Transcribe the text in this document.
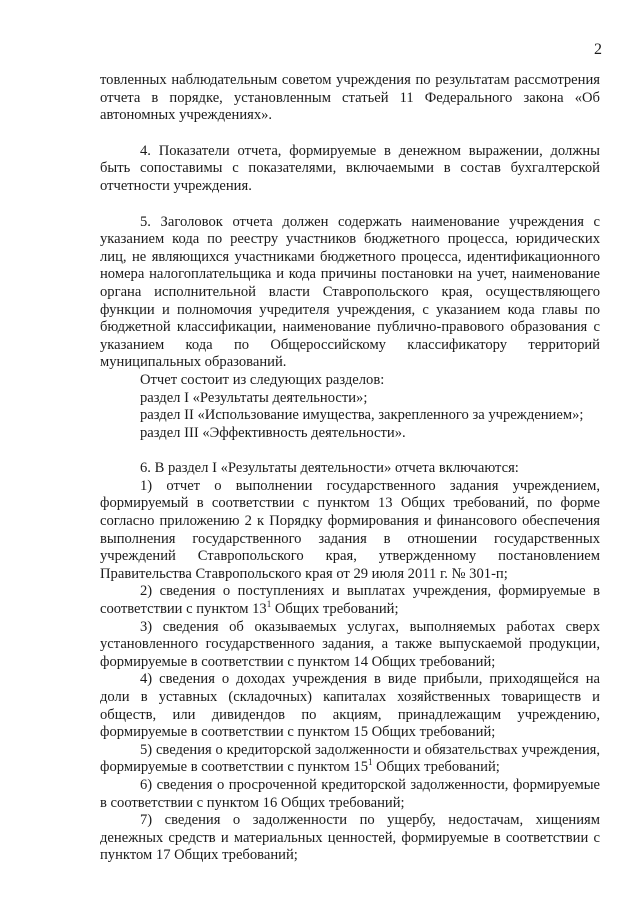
2

товленных наблюдательным советом учреждения по результатам рассмотрения отчета в порядке, установленным статьей 11 Федерального закона «Об автономных учреждениях».

4. Показатели отчета, формируемые в денежном выражении, должны быть сопоставимы с показателями, включаемыми в состав бухгалтерской отчетности учреждения.

5. Заголовок отчета должен содержать наименование учреждения с указанием кода по реестру участников бюджетного процесса, юридических лиц, не являющихся участниками бюджетного процесса, идентификационного номера налогоплательщика и кода причины постановки на учет, наименование органа исполнительной власти Ставропольского края, осуществляющего функции и полномочия учредителя учреждения, с указанием кода главы по бюджетной классификации, наименование публично-правового образования с указанием кода по Общероссийскому классификатору территорий муниципальных образований.

Отчет состоит из следующих разделов:

раздел I «Результаты деятельности»;

раздел II «Использование имущества, закрепленного за учреждением»;

раздел III «Эффективность деятельности».

6. В раздел I «Результаты деятельности» отчета включаются:

1) отчет о выполнении государственного задания учреждением, формируемый в соответствии с пунктом 13 Общих требований, по форме согласно приложению 2 к Порядку формирования и финансового обеспечения выполнения государственного задания в отношении государственных учреждений Ставропольского края, утвержденному постановлением Правительства Ставропольского края от 29 июля 2011 г. № 301-п;

2) сведения о поступлениях и выплатах учреждения, формируемые в соответствии с пунктом $13^1$ Общих требований;

3) сведения об оказываемых услугах, выполняемых работах сверх установленного государственного задания, а также выпускаемой продукции, формируемые в соответствии с пунктом 14 Общих требований;

4) сведения о доходах учреждения в виде прибыли, приходящейся на доли в уставных (складочных) капиталах хозяйственных товариществ и обществ, или дивидендов по акциям, принадлежащим учреждению, формируемые в соответствии с пунктом 15 Общих требований;

5) сведения о кредиторской задолженности и обязательствах учреждения, формируемые в соответствии с пунктом $15^1$ Общих требований;

6) сведения о просроченной кредиторской задолженности, формируемые в соответствии с пунктом 16 Общих требований;

7) сведения о задолженности по ущербу, недостачам, хищениям денежных средств и материальных ценностей, формируемые в соответствии с пунктом 17 Общих требований;
